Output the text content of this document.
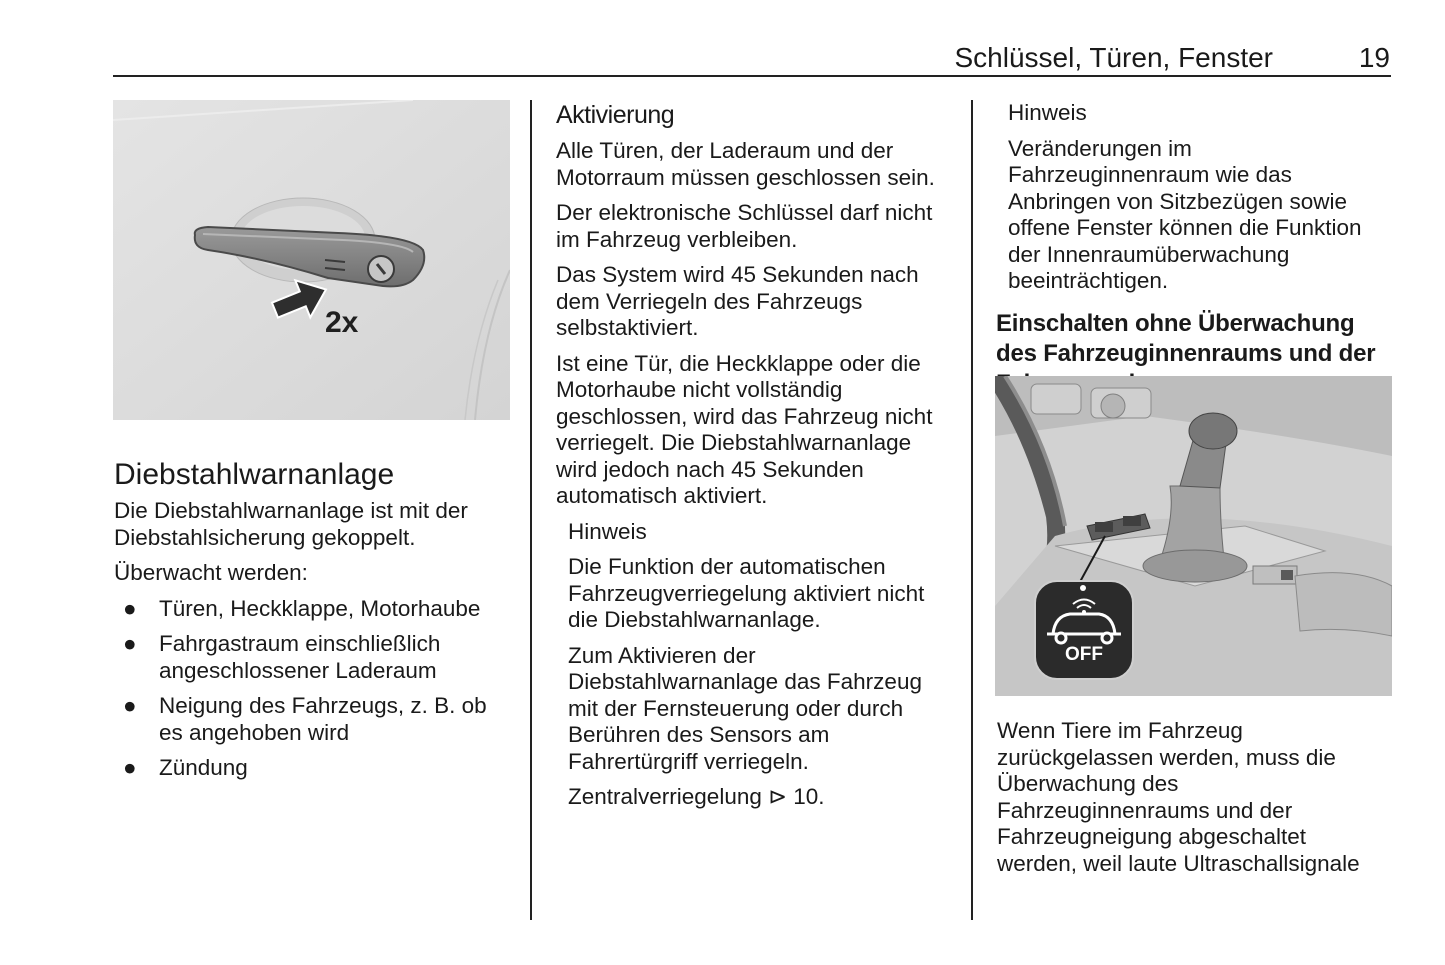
Schlüssel, Türen, Fenster	19
2x
Diebstahlwarnanlage

Die Diebstahlwarnanlage ist mit der Diebstahlsicherung gekoppelt.

Überwacht werden:

● Türen, Heckklappe, Motorhaube
● Fahrgastraum einschließlich angeschlossener Laderaum
● Neigung des Fahrzeugs, z. B. ob es angehoben wird
● Zündung
Aktivierung

Alle Türen, der Laderaum und der Motorraum müssen geschlossen sein.

Der elektronische Schlüssel darf nicht im Fahrzeug verbleiben.

Das System wird 45 Sekunden nach dem Verriegeln des Fahrzeugs selbstaktiviert.

Ist eine Tür, die Heckklappe oder die Motorhaube nicht vollständig geschlossen, wird das Fahrzeug nicht verriegelt. Die Diebstahlwarnanlage wird jedoch nach 45 Sekunden automatisch aktiviert.

Hinweis

Die Funktion der automatischen Fahrzeugverriegelung aktiviert nicht die Diebstahlwarnanlage.

Zum Aktivieren der Diebstahlwarnanlage das Fahrzeug mit der Fernsteuerung oder durch Berühren des Sensors am Fahrertürgriff verriegeln.

Zentralverriegelung ⊳ 10.

Hinweis

Veränderungen im Fahrzeuginnenraum wie das Anbringen von Sitzbezügen sowie offene Fenster können die Funktion der Innenraumüberwachung beeinträchtigen.

Einschalten ohne Überwachung des Fahrzeuginnenraums und der
OFF

Wenn Tiere im Fahrzeug zurückgelassen werden, muss die Überwachung des Fahrzeuginnenraums und der Fahrzeugneigung abgeschaltet werden, weil laute Ultraschallsignale
